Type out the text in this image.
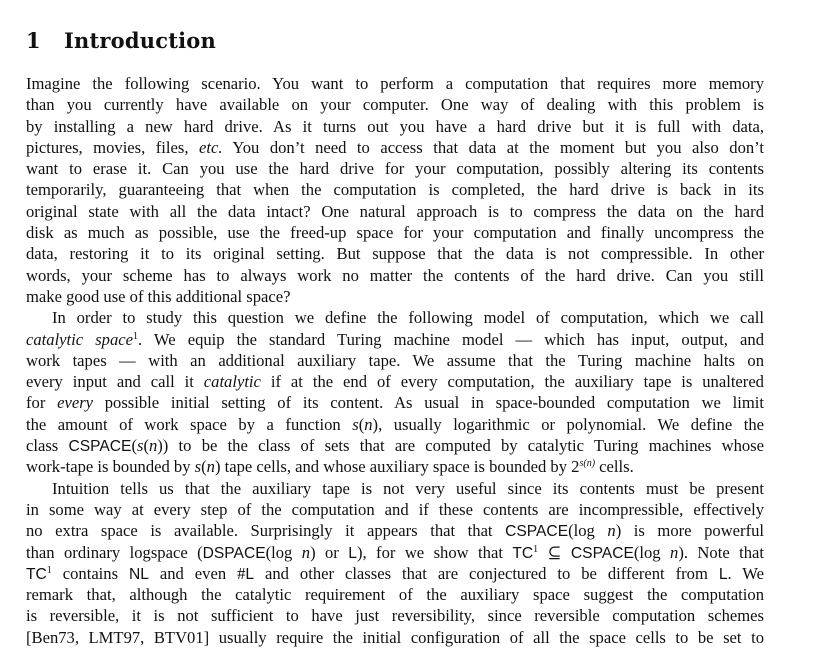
1 Introduction
Imagine the following scenario. You want to perform a computation that requires more memory
than you currently have available on your computer. One way of dealing with this problem is
by installing a new hard drive. As it turns out you have a hard drive but it is full with data,
pictures, movies, files, etc. You don’t need to access that data at the moment but you also don’t
want to erase it. Can you use the hard drive for your computation, possibly altering its contents
temporarily, guaranteeing that when the computation is completed, the hard drive is back in its
original state with all the data intact? One natural approach is to compress the data on the hard
disk as much as possible, use the freed-up space for your computation and finally uncompress the
data, restoring it to its original setting. But suppose that the data is not compressible. In other
words, your scheme has to always work no matter the contents of the hard drive. Can you still
make good use of this additional space?
In order to study this question we define the following model of computation, which we call
catalytic space$^1$. We equip the standard Turing machine model — which has input, output, and
work tapes — with an additional auxiliary tape. We assume that the Turing machine halts on
every input and call it catalytic if at the end of every computation, the auxiliary tape is unaltered
for every possible initial setting of its content. As usual in space-bounded computation we limit
the amount of work space by a function s(n), usually logarithmic or polynomial. We define the
class CSPACE(s(n)) to be the class of sets that are computed by catalytic Turing machines whose
work-tape is bounded by s(n) tape cells, and whose auxiliary space is bounded by $2^{s(n)}$ cells.
Intuition tells us that the auxiliary tape is not very useful since its contents must be present
in some way at every step of the computation and if these contents are incompressible, effectively
no extra space is available. Surprisingly it appears that that CSPACE(log n) is more powerful
than ordinary logspace (DSPACE(log n) or L), for we show that $TC^1$ ⊆ CSPACE(log n). Note that
$TC^1$ contains NL and even #L and other classes that are conjectured to be different from L. We
remark that, although the catalytic requirement of the auxiliary space suggest the computation
is reversible, it is not sufficient to have just reversibility, since reversible computation schemes
[Ben73, LMT97, BTV01] usually require the initial configuration of all the space cells to be set to
